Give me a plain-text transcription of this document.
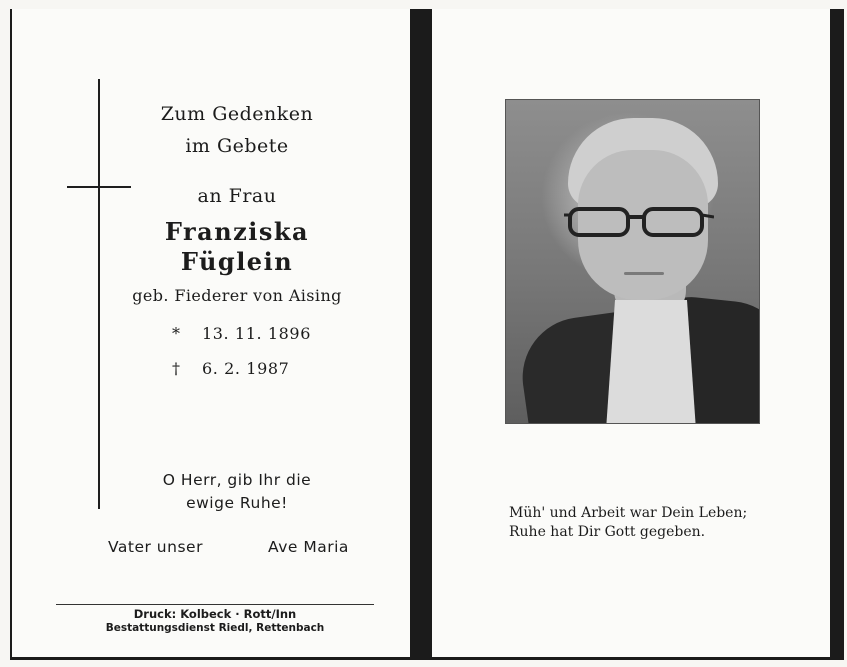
Zum Gedenken
im Gebete
an Frau
Franziska
Füglein
geb. Fiederer von Aising
* 13. 11. 1896
† 6. 2. 1987
O Herr, gib Ihr die
ewige Ruhe!
Vater unser	Ave Maria
Druck: Kolbeck · Rott/Inn
Bestattungsdienst Riedl, Rettenbach
Müh' und Arbeit war Dein Leben;
Ruhe hat Dir Gott gegeben.
